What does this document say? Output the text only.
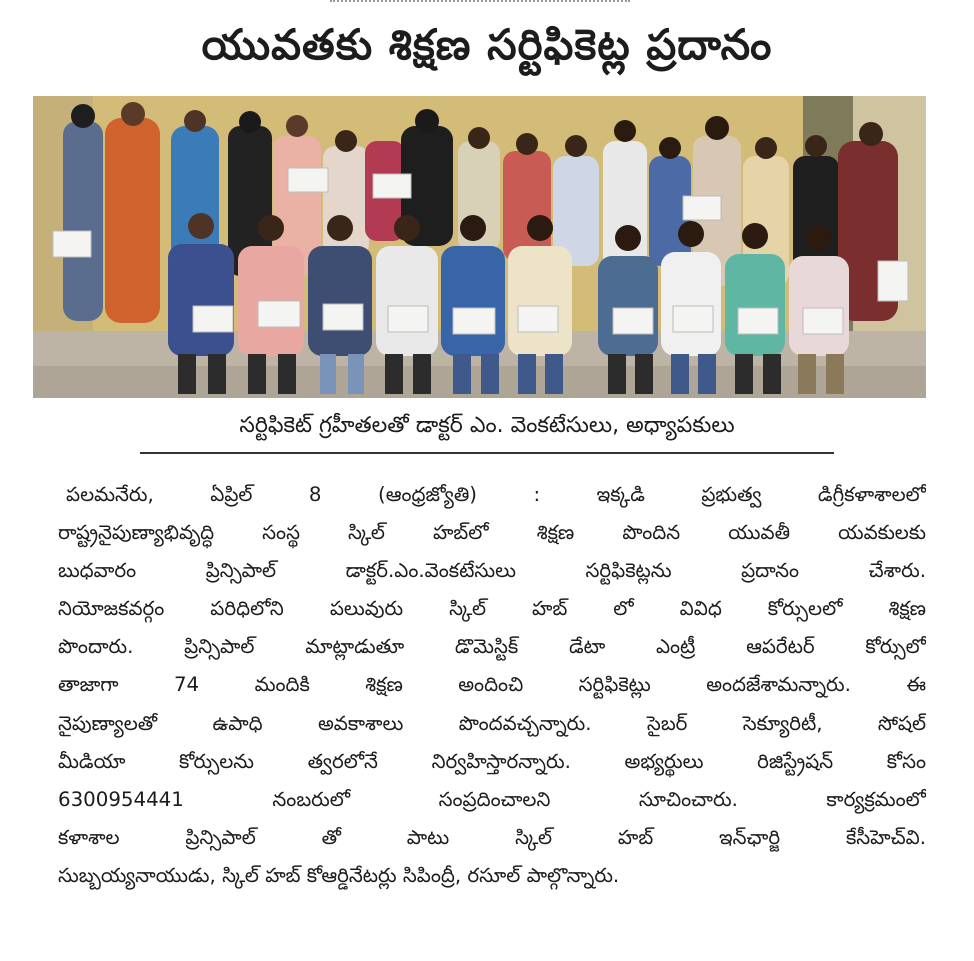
యువతకు శిక్షణ సర్టిఫికెట్ల ప్రదానం
సర్టిఫికెట్ గ్రహీతలతో డాక్టర్ ఎం. వెంకటేసులు, అధ్యాపకులు
పలమనేరు, ఏప్రిల్ 8 (ఆంధ్రజ్యోతి) : ఇక్కడి ప్రభుత్వ డిగ్రీకళాశాలలో
రాష్ట్రనైపుణ్యాభివృద్ధి సంస్థ స్కిల్ హబ్‌లో శిక్షణ పొందిన యువతీ యవకులకు
బుధవారం ప్రిన్సిపాల్ డాక్టర్.ఎం.వెంకటేసులు సర్టిఫికెట్లను ప్రదానం చేశారు.
నియోజకవర్గం పరిధిలోని పలువురు స్కిల్ హబ్ లో వివిధ కోర్సులలో శిక్షణ
పొందారు. ప్రిన్సిపాల్ మాట్లాడుతూ డొమెస్టిక్ డేటా ఎంట్రీ ఆపరేటర్ కోర్సులో
తాజాగా 74 మందికి శిక్షణ అందించి సర్టిఫికెట్లు అందజేశామన్నారు. ఈ
నైపుణ్యాలతో ఉపాధి అవకాశాలు పొందవచ్చన్నారు. సైబర్ సెక్యూరిటీ, సోషల్
మీడియా కోర్సులను త్వరలోనే నిర్వహిస్తారన్నారు. అభ్యర్థులు రిజిస్ట్రేషన్ కోసం
6300954441 నంబరులో సంప్రదించాలని సూచించారు. కార్యక్రమంలో
కళాశాల ప్రిన్సిపాల్ తో పాటు స్కిల్ హబ్ ఇన్‌ఛార్జి కేసీహెచ్‌వి.
సుబ్బయ్యనాయుడు, స్కిల్ హబ్ కోఆర్డినేటర్లు సిపింద్రీ, రసూల్ పాల్గొన్నారు.
